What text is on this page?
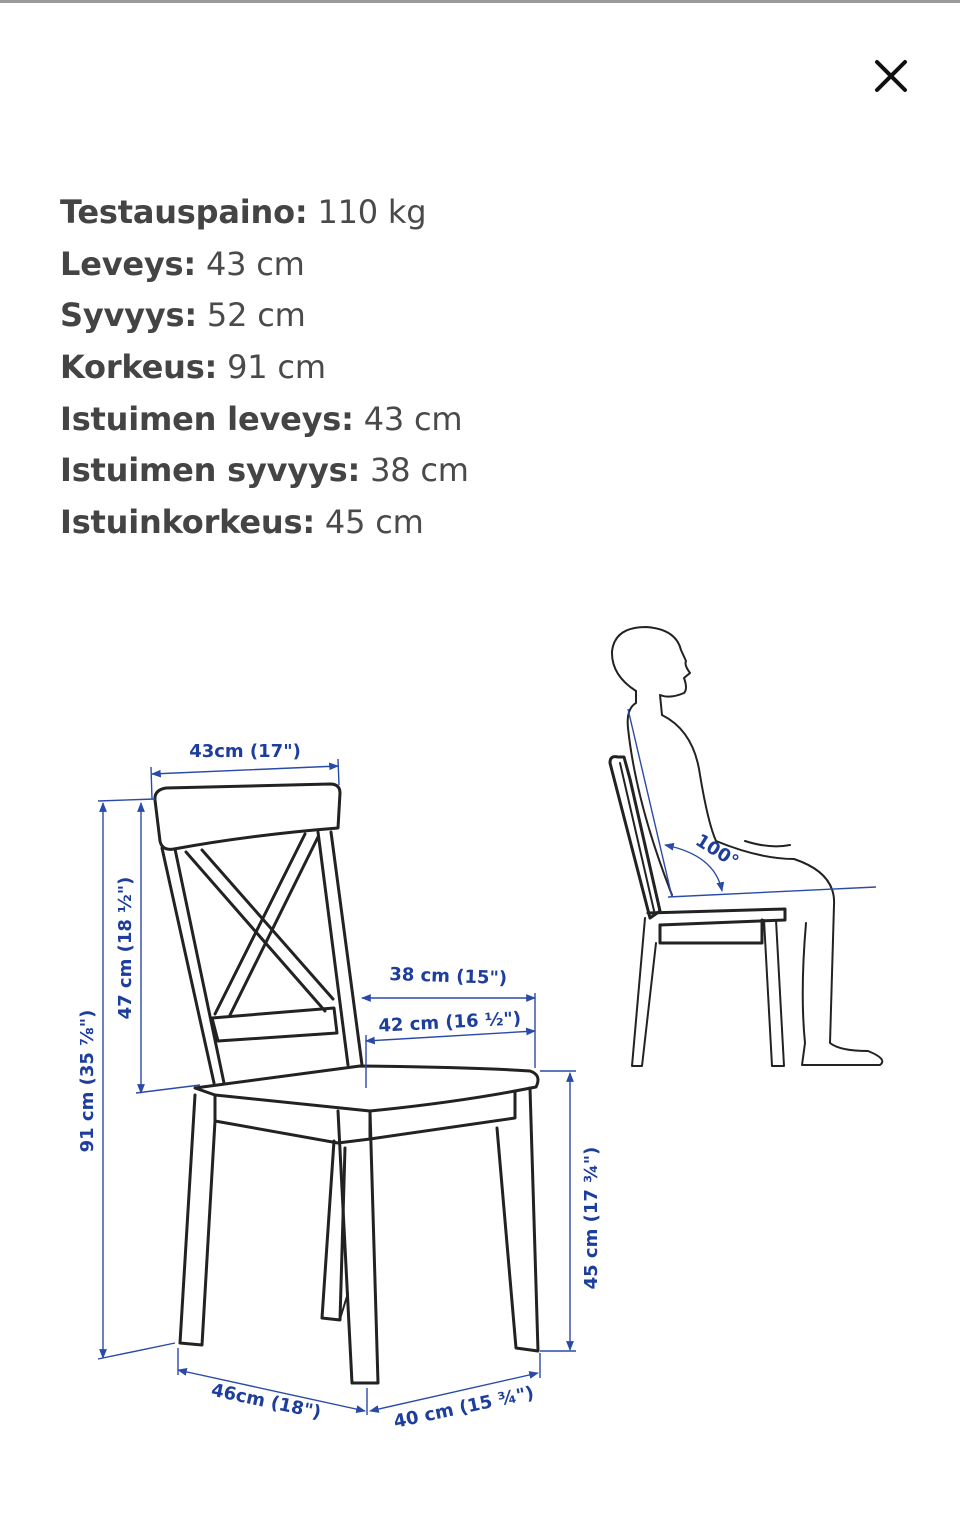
Testauspaino: 110 kg
Leveys: 43 cm
Syvyys: 52 cm
Korkeus: 91 cm
Istuimen leveys: 43 cm
Istuimen syvyys: 38 cm
Istuinkorkeus: 45 cm
43cm (17")
47 cm (18 ½")
91 cm (35 ⅞")
38 cm (15")
42 cm (16 ½")
45 cm (17 ¾")
46cm (18")	40 cm (15 ¾")
100°
